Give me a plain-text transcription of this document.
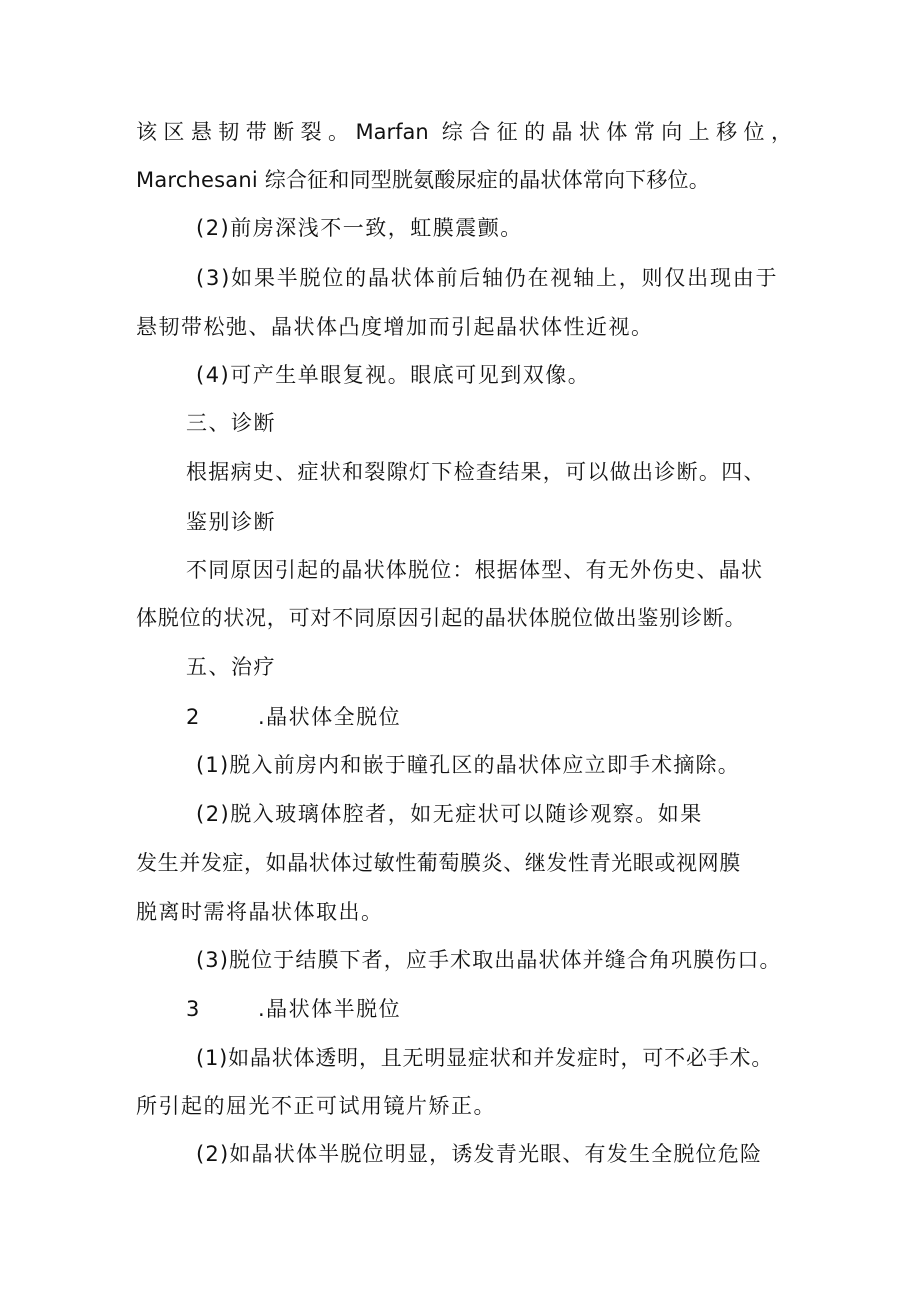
该区悬韧带断裂。Marfan 综合征的晶状体常向上移位，
Marchesani 综合征和同型胱氨酸尿症的晶状体常向下移位。
(2)前房深浅不一致，虹膜震颤。
(3)如果半脱位的晶状体前后轴仍在视轴上，则仅出现由于
悬韧带松弛、晶状体凸度增加而引起晶状体性近视。
(4)可产生单眼复视。眼底可见到双像。
三、诊断
根据病史、症状和裂隙灯下检查结果，可以做出诊断。四、
鉴别诊断
不同原因引起的晶状体脱位：根据体型、有无外伤史、晶状
体脱位的状况，可对不同原因引起的晶状体脱位做出鉴别诊断。
五、治疗
2	.晶状体全脱位
(1)脱入前房内和嵌于瞳孔区的晶状体应立即手术摘除。
(2)脱入玻璃体腔者，如无症状可以随诊观察。如果
发生并发症，如晶状体过敏性葡萄膜炎、继发性青光眼或视网膜
脱离时需将晶状体取出。
(3)脱位于结膜下者，应手术取出晶状体并缝合角巩膜伤口。
3	.晶状体半脱位
(1)如晶状体透明，且无明显症状和并发症时，可不必手术。
所引起的屈光不正可试用镜片矫正。
(2)如晶状体半脱位明显，诱发青光眼、有发生全脱位危险
